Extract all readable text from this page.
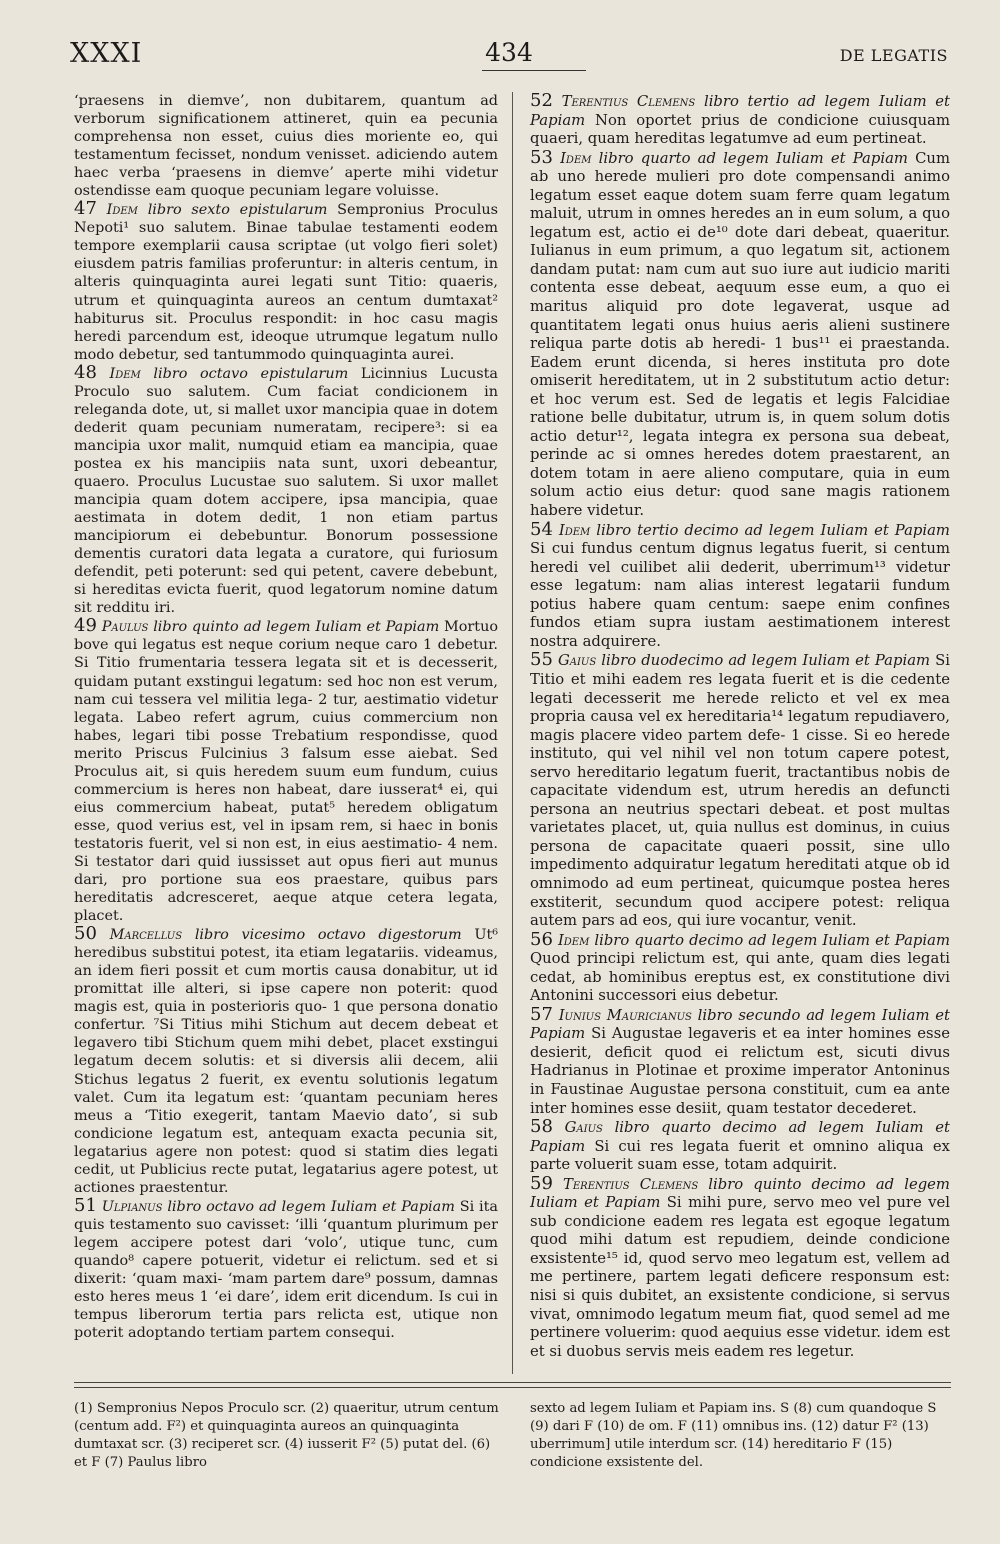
XXXI	434	DE LEGATIS

‘praesens in diemve’, non dubitarem, quantum ad verborum significationem attineret, quin ea pecunia comprehensa non esset, cuius dies moriente eo, qui testamentum fecisset, nondum venisset. adiciendo autem haec verba ‘praesens in diemve’ aperte mihi videtur ostendisse eam quoque pecuniam legare voluisse.

47 Idem libro sexto epistularum Sempronius Proculus Nepoti¹ suo salutem. Binae tabulae testamenti eodem tempore exemplarii causa scriptae (ut volgo fieri solet) eiusdem patris familias proferuntur: in alteris centum, in alteris quinquaginta aurei legati sunt Titio: quaeris, utrum et quinquaginta aureos an centum dumtaxat² habiturus sit. Proculus respondit: in hoc casu magis heredi parcendum est, ideoque utrumque legatum nullo modo debetur, sed tantummodo quinquaginta aurei.

48 Idem libro octavo epistularum Licinnius Lucusta Proculo suo salutem. Cum faciat condicionem in releganda dote, ut, si mallet uxor mancipia quae in dotem dederit quam pecuniam numeratam, recipere³: si ea mancipia uxor malit, numquid etiam ea mancipia, quae postea ex his mancipiis nata sunt, uxori debeantur, quaero. Proculus Lucustae suo salutem. Si uxor mallet mancipia quam dotem accipere, ipsa mancipia, quae aestimata in dotem dedit, 1 non etiam partus mancipiorum ei debebuntur. Bonorum possessione dementis curatori data legata a curatore, qui furiosum defendit, peti poterunt: sed qui petent, cavere debebunt, si hereditas evicta fuerit, quod legatorum nomine datum sit redditu iri.

49 Paulus libro quinto ad legem Iuliam et Papiam Mortuo bove qui legatus est neque corium neque caro 1 debetur. Si Titio frumentaria tessera legata sit et is decesserit, quidam putant exstingui legatum: sed hoc non est verum, nam cui tessera vel militia lega- 2 tur, aestimatio videtur legata. Labeo refert agrum, cuius commercium non habes, legari tibi posse Trebatium respondisse, quod merito Priscus Fulcinius 3 falsum esse aiebat. Sed Proculus ait, si quis heredem suum eum fundum, cuius commercium is heres non habeat, dare iusserat⁴ ei, qui eius commercium habeat, putat⁵ heredem obligatum esse, quod verius est, vel in ipsam rem, si haec in bonis testatoris fuerit, vel si non est, in eius aestimatio- 4 nem. Si testator dari quid iussisset aut opus fieri aut munus dari, pro portione sua eos praestare, quibus pars hereditatis adcresceret, aeque atque cetera legata, placet.

50 Marcellus libro vicesimo octavo digestorum Ut⁶ heredibus substitui potest, ita etiam legatariis. videamus, an idem fieri possit et cum mortis causa donabitur, ut id promittat ille alteri, si ipse capere non poterit: quod magis est, quia in posterioris quo- 1 que persona donatio confertur. ⁷Si Titius mihi Stichum aut decem debeat et legavero tibi Stichum quem mihi debet, placet exstingui legatum decem solutis: et si diversis alii decem, alii Stichus legatus 2 fuerit, ex eventu solutionis legatum valet. Cum ita legatum est: ‘quantam pecuniam heres meus a ‘Titio exegerit, tantam Maevio dato’, si sub condicione legatum est, antequam exacta pecunia sit, legatarius agere non potest: quod si statim dies legati cedit, ut Publicius recte putat, legatarius agere potest, ut actiones praestentur.

51 Ulpianus libro octavo ad legem Iuliam et Papiam Si ita quis testamento suo cavisset: ‘illi ‘quantum plurimum per legem accipere potest dari ‘volo’, utique tunc, cum quando⁸ capere potuerit, videtur ei relictum. sed et si dixerit: ‘quam maxi- ‘mam partem dare⁹ possum, damnas esto heres meus 1 ‘ei dare’, idem erit dicendum. Is cui in tempus liberorum tertia pars relicta est, utique non poterit adoptando tertiam partem consequi.

52 Terentius Clemens libro tertio ad legem Iuliam et Papiam Non oportet prius de condicione cuiusquam quaeri, quam hereditas legatumve ad eum pertineat.

53 Idem libro quarto ad legem Iuliam et Papiam Cum ab uno herede mulieri pro dote compensandi animo legatum esset eaque dotem suam ferre quam legatum maluit, utrum in omnes heredes an in eum solum, a quo legatum est, actio ei de¹⁰ dote dari debeat, quaeritur. Iulianus in eum primum, a quo legatum sit, actionem dandam putat: nam cum aut suo iure aut iudicio mariti contenta esse debeat, aequum esse eum, a quo ei maritus aliquid pro dote legaverat, usque ad quantitatem legati onus huius aeris alieni sustinere reliqua parte dotis ab heredi- 1 bus¹¹ ei praestanda. Eadem erunt dicenda, si heres instituta pro dote omiserit hereditatem, ut in 2 substitutum actio detur: et hoc verum est. Sed de legatis et legis Falcidiae ratione belle dubitatur, utrum is, in quem solum dotis actio detur¹², legata integra ex persona sua debeat, perinde ac si omnes heredes dotem praestarent, an dotem totam in aere alieno computare, quia in eum solum actio eius detur: quod sane magis rationem habere videtur.

54 Idem libro tertio decimo ad legem Iuliam et Papiam Si cui fundus centum dignus legatus fuerit, si centum heredi vel cuilibet alii dederit, uberrimum¹³ videtur esse legatum: nam alias interest legatarii fundum potius habere quam centum: saepe enim confines fundos etiam supra iustam aestimationem interest nostra adquirere.

55 Gaius libro duodecimo ad legem Iuliam et Papiam Si Titio et mihi eadem res legata fuerit et is die cedente legati decesserit me herede relicto et vel ex mea propria causa vel ex hereditaria¹⁴ legatum repudiavero, magis placere video partem defe- 1 cisse. Si eo herede instituto, qui vel nihil vel non totum capere potest, servo hereditario legatum fuerit, tractantibus nobis de capacitate videndum est, utrum heredis an defuncti persona an neutrius spectari debeat. et post multas varietates placet, ut, quia nullus est dominus, in cuius persona de capacitate quaeri possit, sine ullo impedimento adquiratur legatum hereditati atque ob id omnimodo ad eum pertineat, quicumque postea heres exstiterit, secundum quod accipere potest: reliqua autem pars ad eos, qui iure vocantur, venit.

56 Idem libro quarto decimo ad legem Iuliam et Papiam Quod principi relictum est, qui ante, quam dies legati cedat, ab hominibus ereptus est, ex constitutione divi Antonini successori eius debetur.

57 Iunius Mauricianus libro secundo ad legem Iuliam et Papiam Si Augustae legaveris et ea inter homines esse desierit, deficit quod ei relictum est, sicuti divus Hadrianus in Plotinae et proxime imperator Antoninus in Faustinae Augustae persona constituit, cum ea ante inter homines esse desiit, quam testator decederet.

58 Gaius libro quarto decimo ad legem Iuliam et Papiam Si cui res legata fuerit et omnino aliqua ex parte voluerit suam esse, totam adquirit.

59 Terentius Clemens libro quinto decimo ad legem Iuliam et Papiam Si mihi pure, servo meo vel pure vel sub condicione eadem res legata est egoque legatum quod mihi datum est repudiem, deinde condicione exsistente¹⁵ id, quod servo meo legatum est, vellem ad me pertinere, partem legati deficere responsum est: nisi si quis dubitet, an exsistente condicione, si servus vivat, omnimodo legatum meum fiat, quod semel ad me pertinere voluerim: quod aequius esse videtur. idem est et si duobus servis meis eadem res legetur.

(1) Sempronius Nepos Proculo scr. (2) quaeritur, utrum centum (centum add. F²) et quinquaginta aureos an quinquaginta dumtaxat scr. (3) reciperet scr. (4) iusserit F² (5) putat del. (6) et F (7) Paulus libro
sexto ad legem Iuliam et Papiam ins. S (8) cum quandoque S (9) dari F (10) de om. F (11) omnibus ins. (12) datur F² (13) uberrimum] utile interdum scr. (14) hereditario F (15) condicione exsistente del.
